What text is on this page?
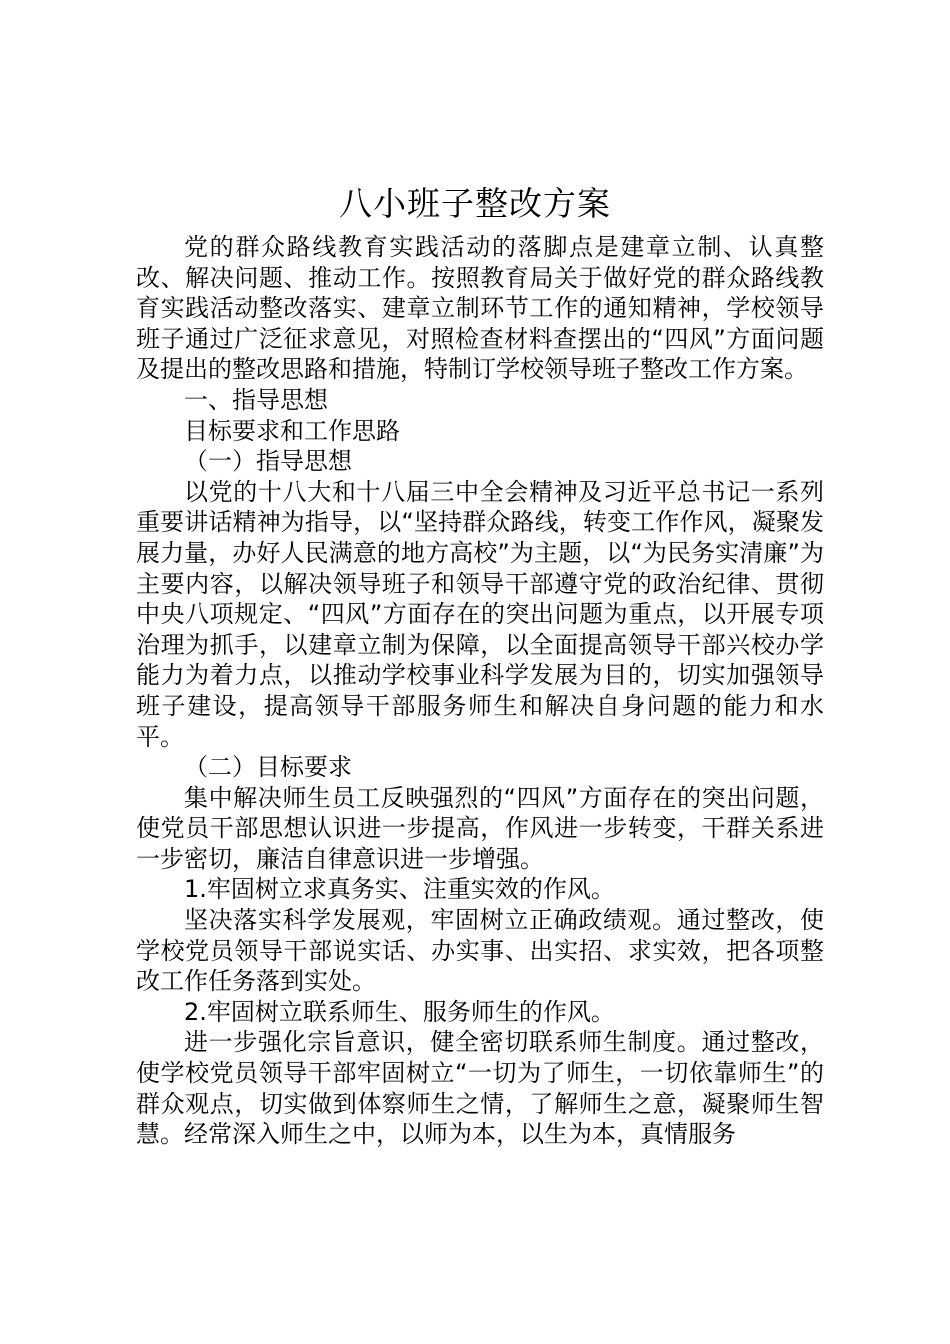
八小班子整改方案

党的群众路线教育实践活动的落脚点是建章立制、认真整改、解决问题、推动工作。按照教育局关于做好党的群众路线教育实践活动整改落实、建章立制环节工作的通知精神，学校领导班子通过广泛征求意见，对照检查材料查摆出的“四风”方面问题及提出的整改思路和措施，特制订学校领导班子整改工作方案。

一、指导思想

目标要求和工作思路

（一）指导思想

以党的十八大和十八届三中全会精神及习近平总书记一系列重要讲话精神为指导，以“坚持群众路线，转变工作作风，凝聚发展力量，办好人民满意的地方高校”为主题，以“为民务实清廉”为主要内容，以解决领导班子和领导干部遵守党的政治纪律、贯彻中央八项规定、“四风”方面存在的突出问题为重点，以开展专项治理为抓手，以建章立制为保障，以全面提高领导干部兴校办学能力为着力点，以推动学校事业科学发展为目的，切实加强领导班子建设，提高领导干部服务师生和解决自身问题的能力和水平。

（二）目标要求

集中解决师生员工反映强烈的“四风”方面存在的突出问题，使党员干部思想认识进一步提高，作风进一步转变，干群关系进一步密切，廉洁自律意识进一步增强。

1.牢固树立求真务实、注重实效的作风。

坚决落实科学发展观，牢固树立正确政绩观。通过整改，使学校党员领导干部说实话、办实事、出实招、求实效，把各项整改工作任务落到实处。

2.牢固树立联系师生、服务师生的作风。

进一步强化宗旨意识，健全密切联系师生制度。通过整改，使学校党员领导干部牢固树立“一切为了师生，一切依靠师生”的群众观点，切实做到体察师生之情，了解师生之意，凝聚师生智慧。经常深入师生之中，以师为本，以生为本，真情服务
